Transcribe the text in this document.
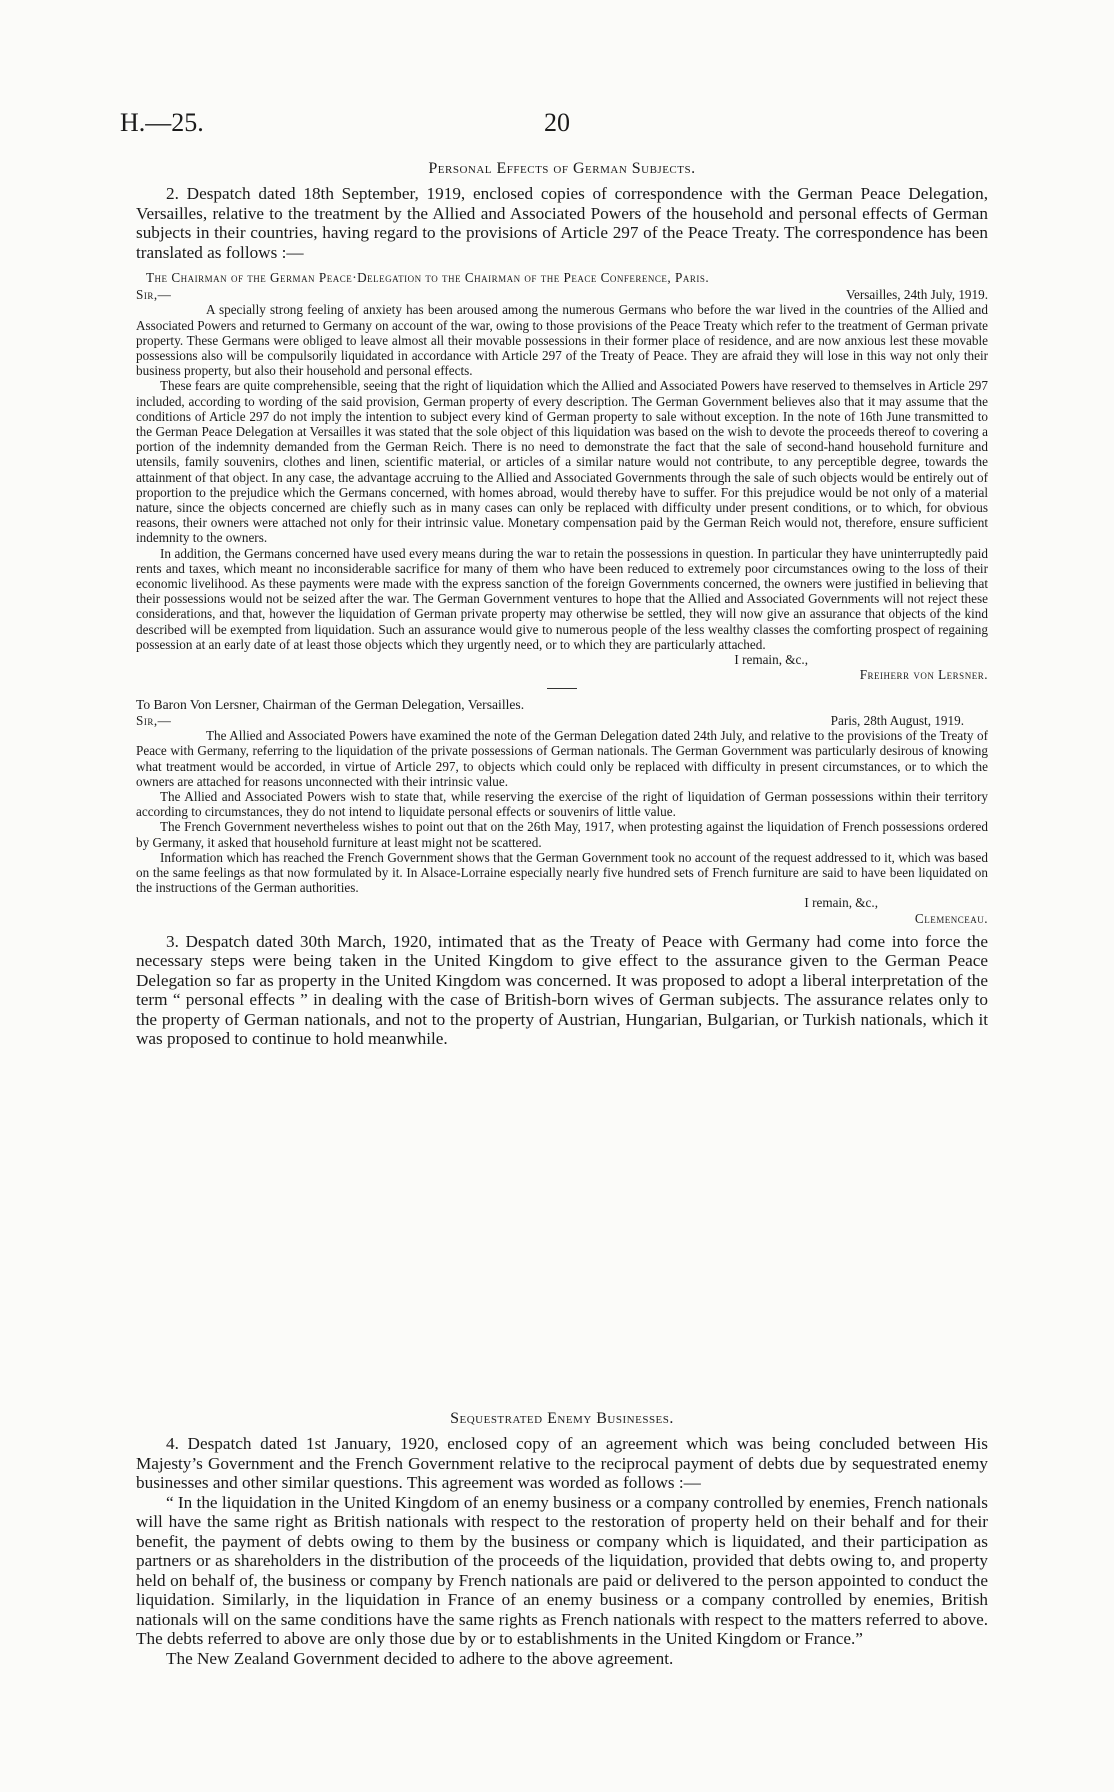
H.—25.	20

Personal Effects of German Subjects.

2. Despatch dated 18th September, 1919, enclosed copies of correspondence with the German Peace Delegation, Versailles, relative to the treatment by the Allied and Associated Powers of the household and personal effects of German subjects in their countries, having regard to the provisions of Article 297 of the Peace Treaty. The correspondence has been translated as follows :—

The Chairman of the German Peace·Delegation to the Chairman of the Peace Conference, Paris.

Sir,—	Versailles, 24th July, 1919.

A specially strong feeling of anxiety has been aroused among the numerous Germans who before the war lived in the countries of the Allied and Associated Powers and returned to Germany on account of the war, owing to those provisions of the Peace Treaty which refer to the treatment of German private property. These Germans were obliged to leave almost all their movable possessions in their former place of residence, and are now anxious lest these movable possessions also will be compulsorily liquidated in accordance with Article 297 of the Treaty of Peace. They are afraid they will lose in this way not only their business property, but also their household and personal effects.

These fears are quite comprehensible, seeing that the right of liquidation which the Allied and Associated Powers have reserved to themselves in Article 297 included, according to wording of the said provision, German property of every description. The German Government believes also that it may assume that the conditions of Article 297 do not imply the intention to subject every kind of German property to sale without exception. In the note of 16th June transmitted to the German Peace Delegation at Versailles it was stated that the sole object of this liquidation was based on the wish to devote the proceeds thereof to covering a portion of the indemnity demanded from the German Reich. There is no need to demonstrate the fact that the sale of second-hand household furniture and utensils, family souvenirs, clothes and linen, scientific material, or articles of a similar nature would not contribute, to any perceptible degree, towards the attainment of that object. In any case, the advantage accruing to the Allied and Associated Governments through the sale of such objects would be entirely out of proportion to the prejudice which the Germans concerned, with homes abroad, would thereby have to suffer. For this prejudice would be not only of a material nature, since the objects concerned are chiefly such as in many cases can only be replaced with difficulty under present conditions, or to which, for obvious reasons, their owners were attached not only for their intrinsic value. Monetary compensation paid by the German Reich would not, therefore, ensure sufficient indemnity to the owners.

In addition, the Germans concerned have used every means during the war to retain the possessions in question. In particular they have uninterruptedly paid rents and taxes, which meant no inconsiderable sacrifice for many of them who have been reduced to extremely poor circumstances owing to the loss of their economic livelihood. As these payments were made with the express sanction of the foreign Governments concerned, the owners were justified in believing that their possessions would not be seized after the war. The German Government ventures to hope that the Allied and Associated Governments will not reject these considerations, and that, however the liquidation of German private property may otherwise be settled, they will now give an assurance that objects of the kind described will be exempted from liquidation. Such an assurance would give to numerous people of the less wealthy classes the comforting prospect of regaining possession at an early date of at least those objects which they urgently need, or to which they are particularly attached.

I remain, &c.,

Freiherr von Lersner.

To Baron Von Lersner, Chairman of the German Delegation, Versailles.

Sir,—	Paris, 28th August, 1919.

The Allied and Associated Powers have examined the note of the German Delegation dated 24th July, and relative to the provisions of the Treaty of Peace with Germany, referring to the liquidation of the private possessions of German nationals. The German Government was particularly desirous of knowing what treatment would be accorded, in virtue of Article 297, to objects which could only be replaced with difficulty in present circumstances, or to which the owners are attached for reasons unconnected with their intrinsic value.

The Allied and Associated Powers wish to state that, while reserving the exercise of the right of liquidation of German possessions within their territory according to circumstances, they do not intend to liquidate personal effects or souvenirs of little value.

The French Government nevertheless wishes to point out that on the 26th May, 1917, when protesting against the liquidation of French possessions ordered by Germany, it asked that household furniture at least might not be scattered.

Information which has reached the French Government shows that the German Government took no account of the request addressed to it, which was based on the same feelings as that now formulated by it. In Alsace-Lorraine especially nearly five hundred sets of French furniture are said to have been liquidated on the instructions of the German authorities.

I remain, &c.,

Clemenceau.

3. Despatch dated 30th March, 1920, intimated that as the Treaty of Peace with Germany had come into force the necessary steps were being taken in the United Kingdom to give effect to the assurance given to the German Peace Delegation so far as property in the United Kingdom was concerned. It was proposed to adopt a liberal interpretation of the term “ personal effects ” in dealing with the case of British-born wives of German subjects. The assurance relates only to the property of German nationals, and not to the property of Austrian, Hungarian, Bulgarian, or Turkish nationals, which it was proposed to continue to hold meanwhile.

Sequestrated Enemy Businesses.

4. Despatch dated 1st January, 1920, enclosed copy of an agreement which was being concluded between His Majesty’s Government and the French Government relative to the reciprocal payment of debts due by sequestrated enemy businesses and other similar questions. This agreement was worded as follows :—

“ In the liquidation in the United Kingdom of an enemy business or a company controlled by enemies, French nationals will have the same right as British nationals with respect to the restoration of property held on their behalf and for their benefit, the payment of debts owing to them by the business or company which is liquidated, and their participation as partners or as shareholders in the distribution of the proceeds of the liquidation, provided that debts owing to, and property held on behalf of, the business or company by French nationals are paid or delivered to the person appointed to conduct the liquidation. Similarly, in the liquidation in France of an enemy business or a company controlled by enemies, British nationals will on the same conditions have the same rights as French nationals with respect to the matters referred to above. The debts referred to above are only those due by or to establishments in the United Kingdom or France.”

The New Zealand Government decided to adhere to the above agreement.
